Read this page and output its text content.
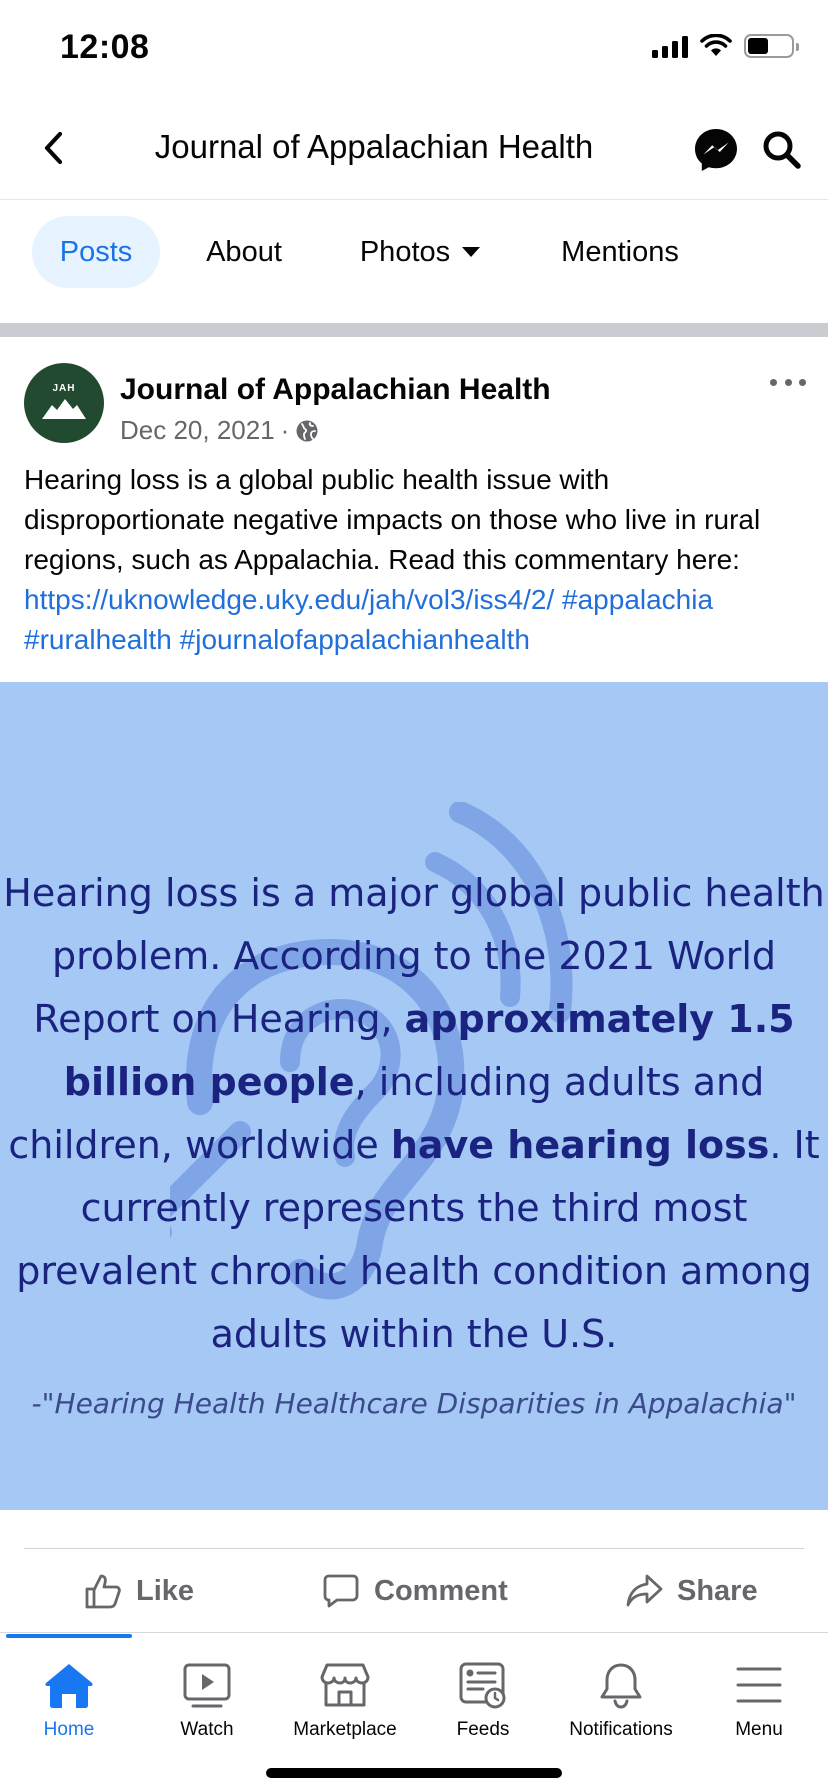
12:08
Journal of Appalachian Health
Posts	About	Photos	Mentions
JAH	Journal of Appalachian Health
Dec 20, 2021 ·
Hearing loss is a global public health issue with disproportionate negative impacts on those who live in rural regions, such as Appalachia. Read this commentary here: https://uknowledge.uky.edu/jah/vol3/iss4/2/ #appalachia #ruralhealth #journalofappalachianhealth
Hearing loss is a major global public health problem. According to the 2021 World Report on Hearing, approximately 1.5 billion people, including adults and children, worldwide have hearing loss. It currently represents the third most prevalent chronic health condition among adults within the U.S.
-"Hearing Health Healthcare Disparities in Appalachia"
Like	Comment	Share
Home	Watch	Marketplace	Feeds	Notifications	Menu
